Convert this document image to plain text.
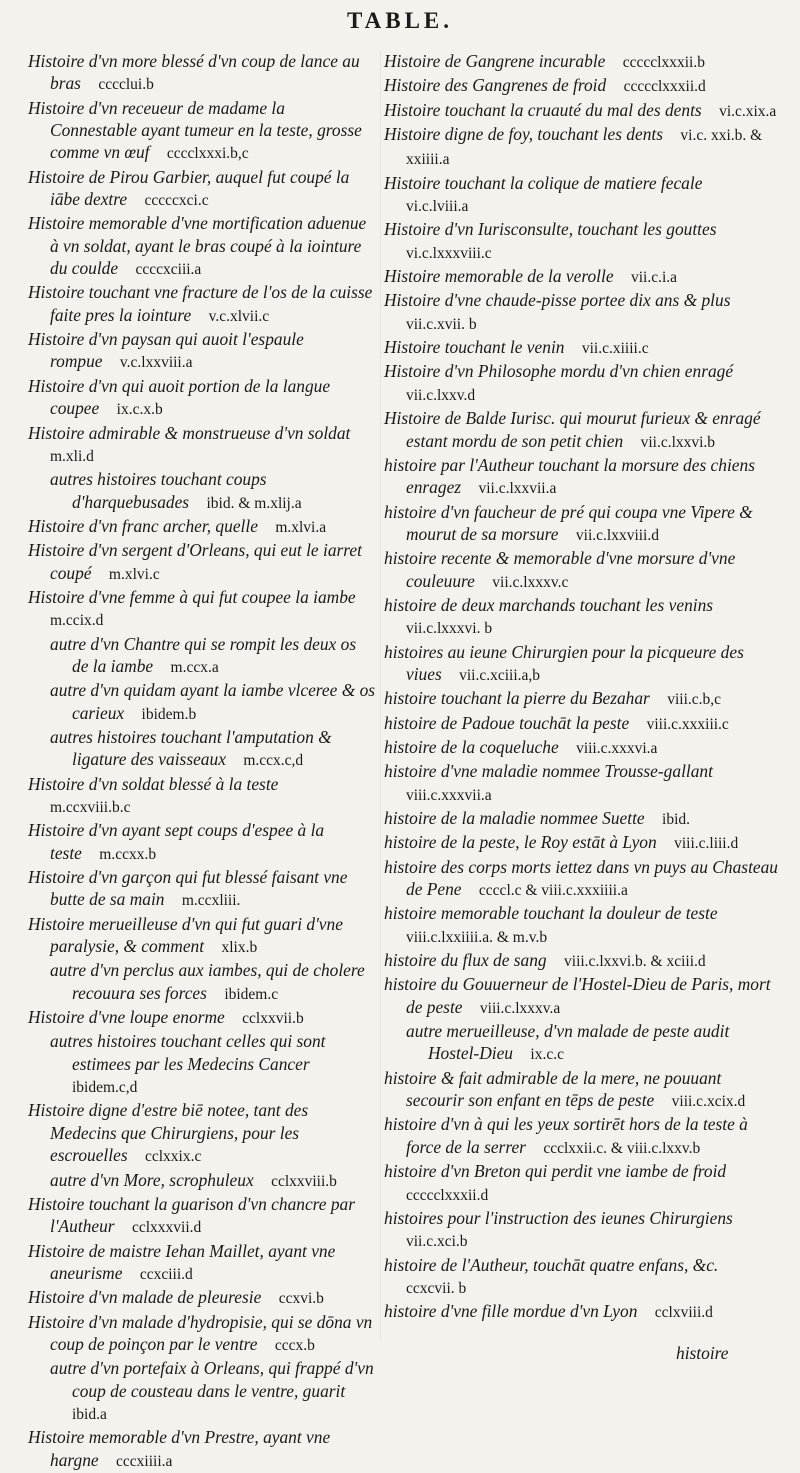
TABLE.

Histoire d'vn more blessé d'vn coup de lance au bras  cccclui.b

Histoire d'vn receueur de madame la Connestable ayant tumeur en la teste, grosse comme vn œuf  cccclxxxi.b,c

Histoire de Pirou Garbier, auquel fut coupé la iābe dextre  cccccxci.c

Histoire memorable d'vne mortification aduenue à vn soldat, ayant le bras coupé à la iointure du coulde  ccccxciii.a

Histoire touchant vne fracture de l'os de la cuisse faite pres la iointure  v.c.xlvii.c

Histoire d'vn paysan qui auoit l'espaule rompue  v.c.lxxviii.a

Histoire d'vn qui auoit portion de la langue coupee  ix.c.x.b

Histoire admirable & monstrueuse d'vn soldat m.xli.d

autres histoires touchant coups d'harquebusades  ibid. & m.xlij.a

Histoire d'vn franc archer, quelle  m.xlvi.a

Histoire d'vn sergent d'Orleans, qui eut le iarret coupé  m.xlvi.c

Histoire d'vne femme à qui fut coupee la iambe m.ccix.d

autre d'vn Chantre qui se rompit les deux os de la iambe  m.ccx.a

autre d'vn quidam ayant la iambe vlceree & os carieux  ibidem.b

autres histoires touchant l'amputation & ligature des vaisseaux  m.ccx.c,d

Histoire d'vn soldat blessé à la teste m.ccxviii.b.c

Histoire d'vn ayant sept coups d'espee à la teste  m.ccxx.b

Histoire d'vn garçon qui fut blessé faisant vne butte de sa main  m.ccxliii.

Histoire merueilleuse d'vn qui fut guari d'vne paralysie, & comment  xlix.b

autre d'vn perclus aux iambes, qui de cholere recouura ses forces  ibidem.c

Histoire d'vne loupe enorme  cclxxvii.b

autres histoires touchant celles qui sont estimees par les Medecins Cancer ibidem.c,d

Histoire digne d'estre biē notee, tant des Medecins que Chirurgiens, pour les escrouelles  cclxxix.c

autre d'vn More, scrophuleux  cclxxviii.b

Histoire touchant la guarison d'vn chancre par l'Autheur  cclxxxvii.d

Histoire de maistre Iehan Maillet, ayant vne aneurisme  ccxciii.d

Histoire d'vn malade de pleuresie  ccxvi.b

Histoire d'vn malade d'hydropisie, qui se dōna vn coup de poinçon par le ventre  cccx.b

autre d'vn portefaix à Orleans, qui frappé d'vn coup de cousteau dans le ventre, guarit ibid.a

Histoire memorable d'vn Prestre, ayant vne hargne  cccxiiii.a

Histoire de Gangrene incurable  ccccclxxxii.b

Histoire des Gangrenes de froid  ccccclxxxii.d

Histoire touchant la cruauté du mal des dents  vi.c.xix.a

Histoire digne de foy, touchant les dents  vi.c. xxi.b. & xxiiii.a

Histoire touchant la colique de matiere fecale vi.c.lviii.a

Histoire d'vn Iurisconsulte, touchant les gouttes vi.c.lxxxviii.c

Histoire memorable de la verolle  vii.c.i.a

Histoire d'vne chaude-pisse portee dix ans & plus vii.c.xvii. b

Histoire touchant le venin  vii.c.xiiii.c

Histoire d'vn Philosophe mordu d'vn chien enragé vii.c.lxxv.d

Histoire de Balde Iurisc. qui mourut furieux & enragé estant mordu de son petit chien  vii.c.lxxvi.b

histoire par l'Autheur touchant la morsure des chiens enragez  vii.c.lxxvii.a

histoire d'vn faucheur de pré qui coupa vne Vipere & mourut de sa morsure  vii.c.lxxviii.d

histoire recente & memorable d'vne morsure d'vne couleuure  vii.c.lxxxv.c

histoire de deux marchands touchant les venins vii.c.lxxxvi. b

histoires au ieune Chirurgien pour la picqueure des viues  vii.c.xciii.a,b

histoire touchant la pierre du Bezahar  viii.c.b,c

histoire de Padoue touchāt la peste  viii.c.xxxiii.c

histoire de la coqueluche  viii.c.xxxvi.a

histoire d'vne maladie nommee Trousse-gallant viii.c.xxxvii.a

histoire de la maladie nommee Suette  ibid.

histoire de la peste, le Roy estāt à Lyon  viii.c.liii.d

histoire des corps morts iettez dans vn puys au Chasteau de Pene  ccccl.c & viii.c.xxxiiii.a

histoire memorable touchant la douleur de teste viii.c.lxxiiii.a. & m.v.b

histoire du flux de sang  viii.c.lxxvi.b. & xciii.d

histoire du Gouuerneur de l'Hostel-Dieu de Paris, mort de peste  viii.c.lxxxv.a

autre merueilleuse, d'vn malade de peste audit Hostel-Dieu  ix.c.c

histoire & fait admirable de la mere, ne pouuant secourir son enfant en tēps de peste  viii.c.xcix.d

histoire d'vn à qui les yeux sortirēt hors de la teste à force de la serrer  ccclxxii.c. & viii.c.lxxv.b

histoire d'vn Breton qui perdit vne iambe de froid ccccclxxxii.d

histoires pour l'instruction des ieunes Chirurgiens vii.c.xci.b

histoire de l'Autheur, touchāt quatre enfans, &c. ccxcvii. b

histoire d'vne fille mordue d'vn Lyon  cclxviii.d

histoire
